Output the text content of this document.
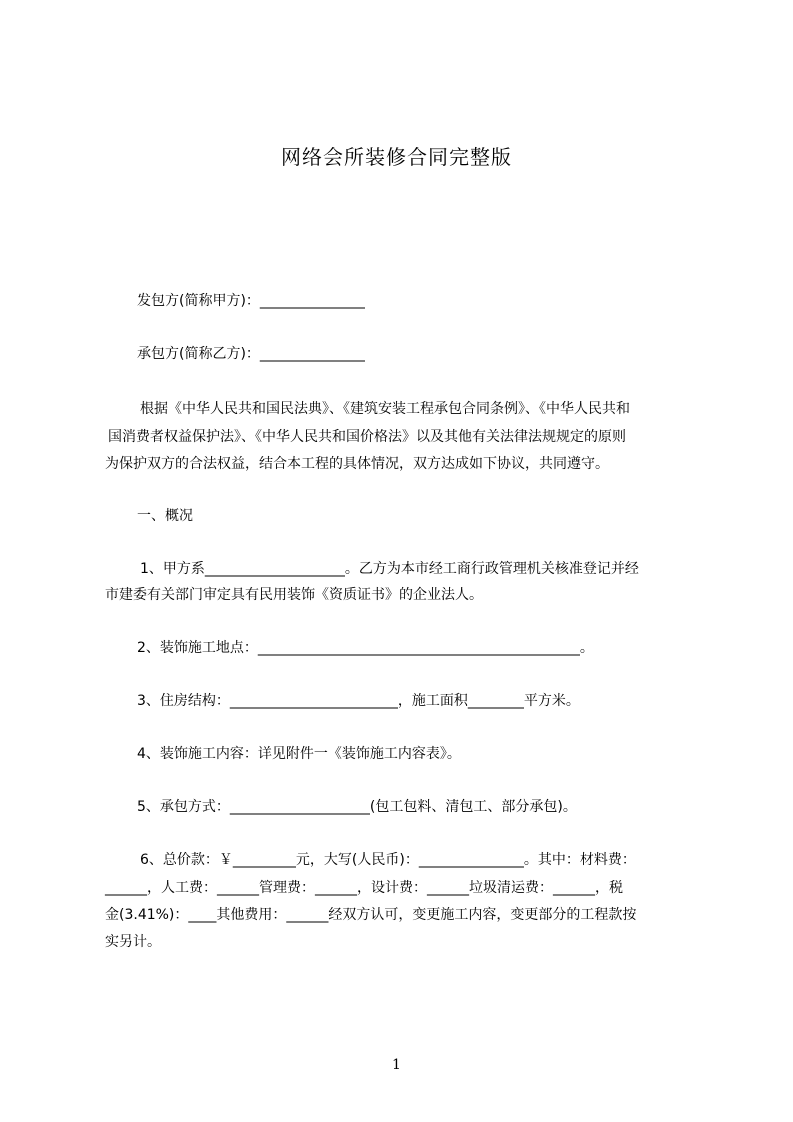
网络会所装修合同完整版
发包方(简称甲方)：_______________
承包方(简称乙方)：_______________
根据《中华人民共和国民法典》、《建筑安装工程承包合同条例》、《中华人民共和
国消费者权益保护法》、《中华人民共和国价格法》以及其他有关法律法规规定的原则
为保护双方的合法权益，结合本工程的具体情况，双方达成如下协议，共同遵守。
一、概况
1、甲方系____________________。乙方为本市经工商行政管理机关核准登记并经
市建委有关部门审定具有民用装饰《资质证书》的企业法人。
2、装饰施工地点：______________________________________________。
3、住房结构：________________________，施工面积________平方米。
4、装饰施工内容：详见附件一《装饰施工内容表》。
5、承包方式：____________________(包工包料、清包工、部分承包)。
6、总价款：￥_________元，大写(人民币)：_______________。其中：材料费：
______，人工费：______管理费：______，设计费：______垃圾清运费：______，税
金(3.41%)：____其他费用：______经双方认可，变更施工内容，变更部分的工程款按
实另计。
1
